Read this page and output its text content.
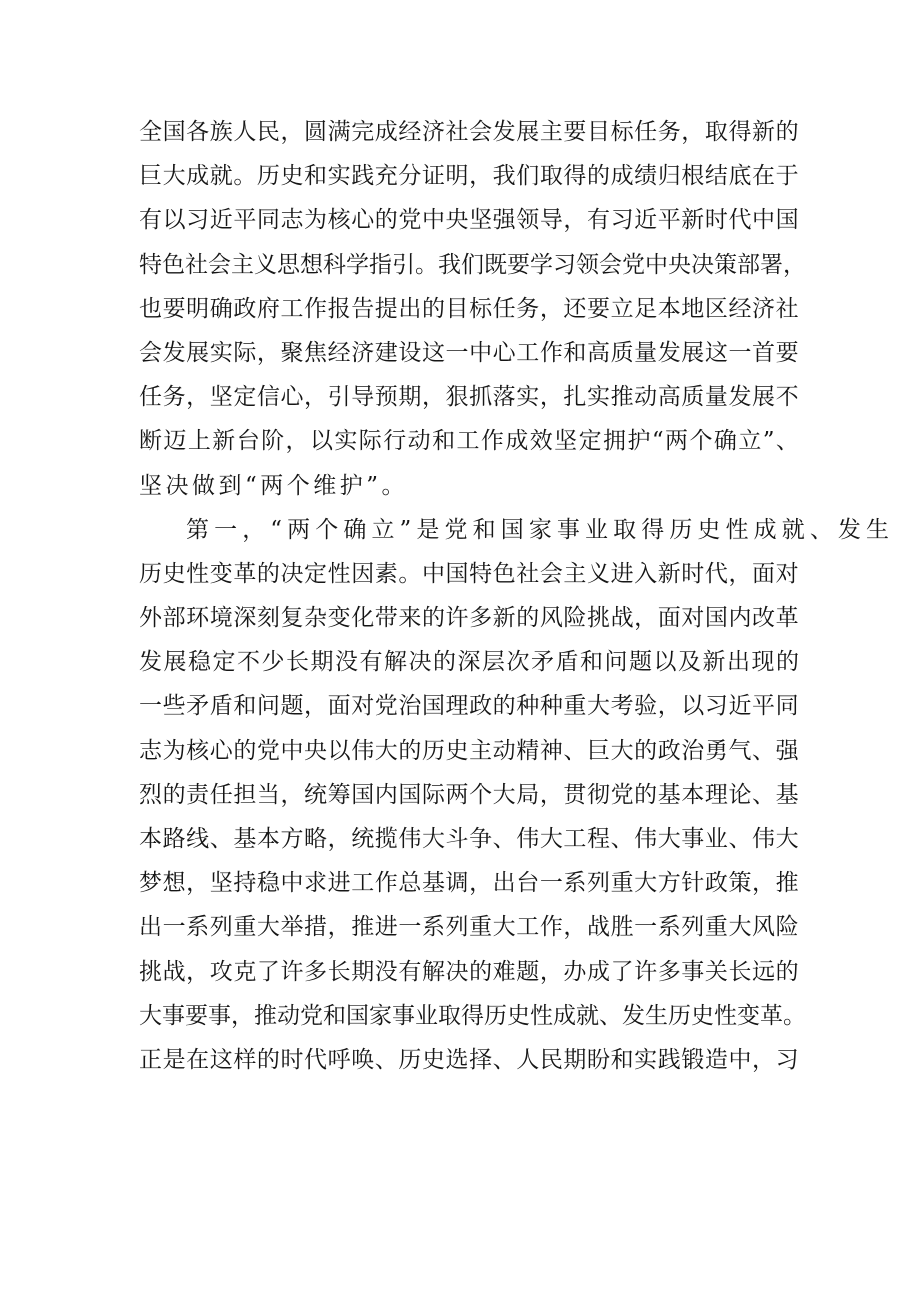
全 国 各 族 人 民 ， 圆 满 完 成 经 济 社 会 发 展 主 要 目 标 任 务 ， 取 得 新 的
巨 大 成 就 。 历 史 和 实 践 充 分 证 明 ， 我 们 取 得 的 成 绩 归 根 结 底 在 于
有 以 习 近 平 同 志 为 核 心 的 党 中 央 坚 强 领 导 ， 有 习 近 平 新 时 代 中 国
特 色 社 会 主 义 思 想 科 学 指 引 。 我 们 既 要 学 习 领 会 党 中 央 决 策 部 署 ，
也 要 明 确 政 府 工 作 报 告 提 出 的 目 标 任 务 ， 还 要 立 足 本 地 区 经 济 社
会 发 展 实 际 ， 聚 焦 经 济 建 设 这 一 中 心 工 作 和 高 质 量 发 展 这 一 首 要
任 务 ， 坚 定 信 心 ， 引 导 预 期 ， 狠 抓 落 实 ， 扎 实 推 动 高 质 量 发 展 不
断 迈 上 新 台 阶 ， 以 实 际 行 动 和 工 作 成 效 坚 定 拥 护 “ 两 个 确 立 ” 、
坚决做到“两个维护”。
第一，“两个确立”是党和国家事业取得历史性成就、发生
历 史 性 变 革 的 决 定 性 因 素 。 中 国 特 色 社 会 主 义 进 入 新 时 代 ， 面 对
外 部 环 境 深 刻 复 杂 变 化 带 来 的 许 多 新 的 风 险 挑 战 ， 面 对 国 内 改 革
发 展 稳 定 不 少 长 期 没 有 解 决 的 深 层 次 矛 盾 和 问 题 以 及 新 出 现 的
一 些 矛 盾 和 问 题 ， 面 对 党 治 国 理 政 的 种 种 重 大 考 验 ， 以 习 近 平 同
志 为 核 心 的 党 中 央 以 伟 大 的 历 史 主 动 精 神 、 巨 大 的 政 治 勇 气 、 强
烈 的 责 任 担 当 ， 统 筹 国 内 国 际 两 个 大 局 ， 贯 彻 党 的 基 本 理 论 、 基
本 路 线 、 基 本 方 略 ， 统 揽 伟 大 斗 争 、 伟 大 工 程 、 伟 大 事 业 、 伟 大
梦 想 ， 坚 持 稳 中 求 进 工 作 总 基 调 ， 出 台 一 系 列 重 大 方 针 政 策 ， 推
出 一 系 列 重 大 举 措 ， 推 进 一 系 列 重 大 工 作 ， 战 胜 一 系 列 重 大 风 险
挑 战 ， 攻 克 了 许 多 长 期 没 有 解 决 的 难 题 ， 办 成 了 许 多 事 关 长 远 的
大 事 要 事 ， 推 动 党 和 国 家 事 业 取 得 历 史 性 成 就 、 发 生 历 史 性 变 革 。
正 是 在 这 样 的 时 代 呼 唤 、 历 史 选 择 、 人 民 期 盼 和 实 践 锻 造 中 ， 习
